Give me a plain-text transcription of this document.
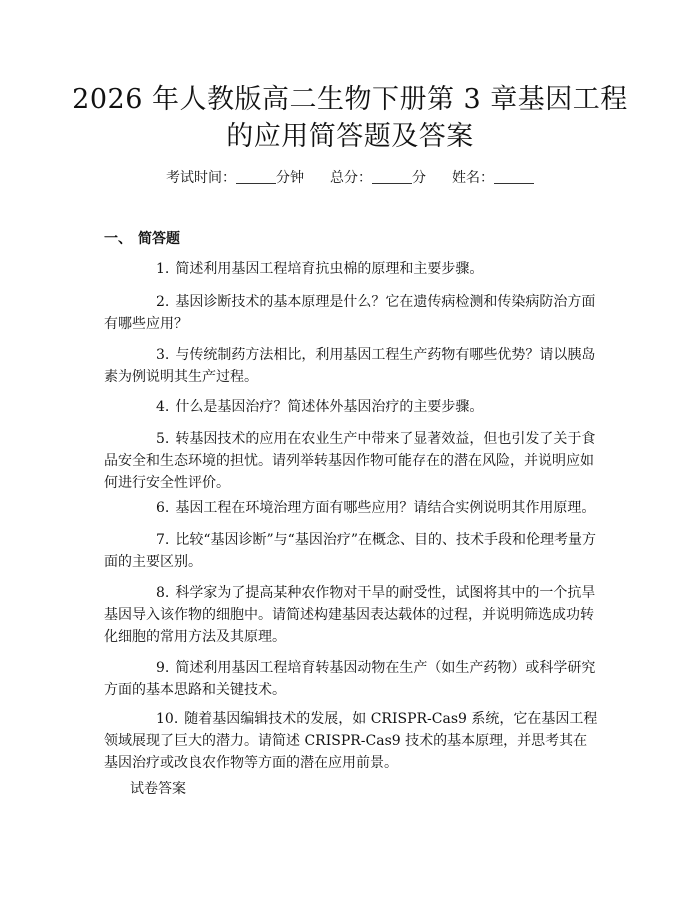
2026 年人教版高二生物下册第 3 章基因工程
的应用简答题及答案
考试时间：	分钟 总分：	分 姓名：
一、 简答题

1. 简述利用基因工程培育抗虫棉的原理和主要步骤。

2. 基因诊断技术的基本原理是什么？它在遗传病检测和传染病防治方面有哪些应用？

3. 与传统制药方法相比，利用基因工程生产药物有哪些优势？请以胰岛素为例说明其生产过程。

4. 什么是基因治疗？简述体外基因治疗的主要步骤。

5. 转基因技术的应用在农业生产中带来了显著效益，但也引发了关于食品安全和生态环境的担忧。请列举转基因作物可能存在的潜在风险，并说明应如何进行安全性评价。

6. 基因工程在环境治理方面有哪些应用？请结合实例说明其作用原理。

7. 比较“基因诊断”与“基因治疗”在概念、目的、技术手段和伦理考量方面的主要区别。

8. 科学家为了提高某种农作物对干旱的耐受性，试图将其中的一个抗旱基因导入该作物的细胞中。请简述构建基因表达载体的过程，并说明筛选成功转化细胞的常用方法及其原理。

9. 简述利用基因工程培育转基因动物在生产（如生产药物）或科学研究方面的基本思路和关键技术。

10. 随着基因编辑技术的发展，如 CRISPR-Cas9 系统，它在基因工程领域展现了巨大的潜力。请简述 CRISPR-Cas9 技术的基本原理，并思考其在基因治疗或改良农作物等方面的潜在应用前景。

试卷答案
